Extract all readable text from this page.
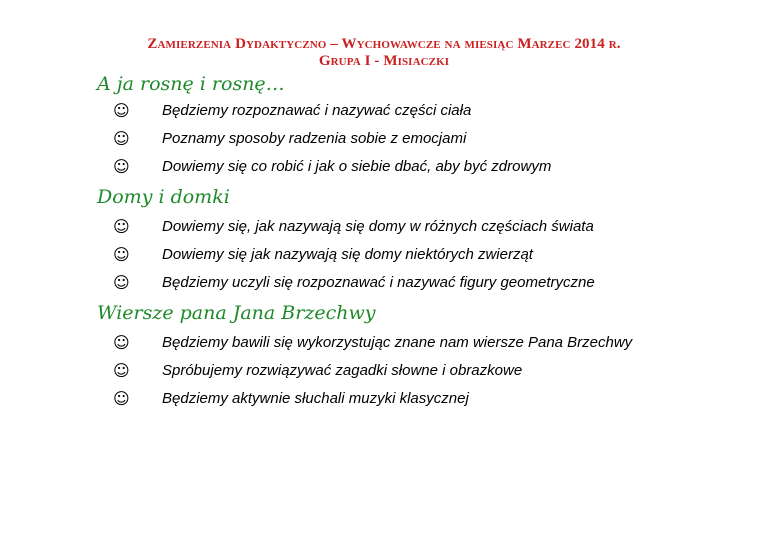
Zamierzenia Dydaktyczno – Wychowawcze na miesiąc Marzec 2014 r.
Grupa I - Misiaczki
A ja rosnę i rosnę…
☺ Będziemy rozpoznawać i nazywać części ciała
☺ Poznamy sposoby radzenia sobie z emocjami
☺ Dowiemy się co robić i jak o siebie dbać, aby być zdrowym
Domy i domki
☺ Dowiemy się, jak nazywają się domy w różnych częściach świata
☺ Dowiemy się jak nazywają się domy niektórych zwierząt
☺ Będziemy uczyli się rozpoznawać i nazywać figury geometryczne
Wiersze pana Jana Brzechwy
☺ Będziemy bawili się wykorzystując znane nam wiersze Pana Brzechwy
☺ Spróbujemy rozwiązywać zagadki słowne i obrazkowe
☺ Będziemy aktywnie słuchali muzyki klasycznej
